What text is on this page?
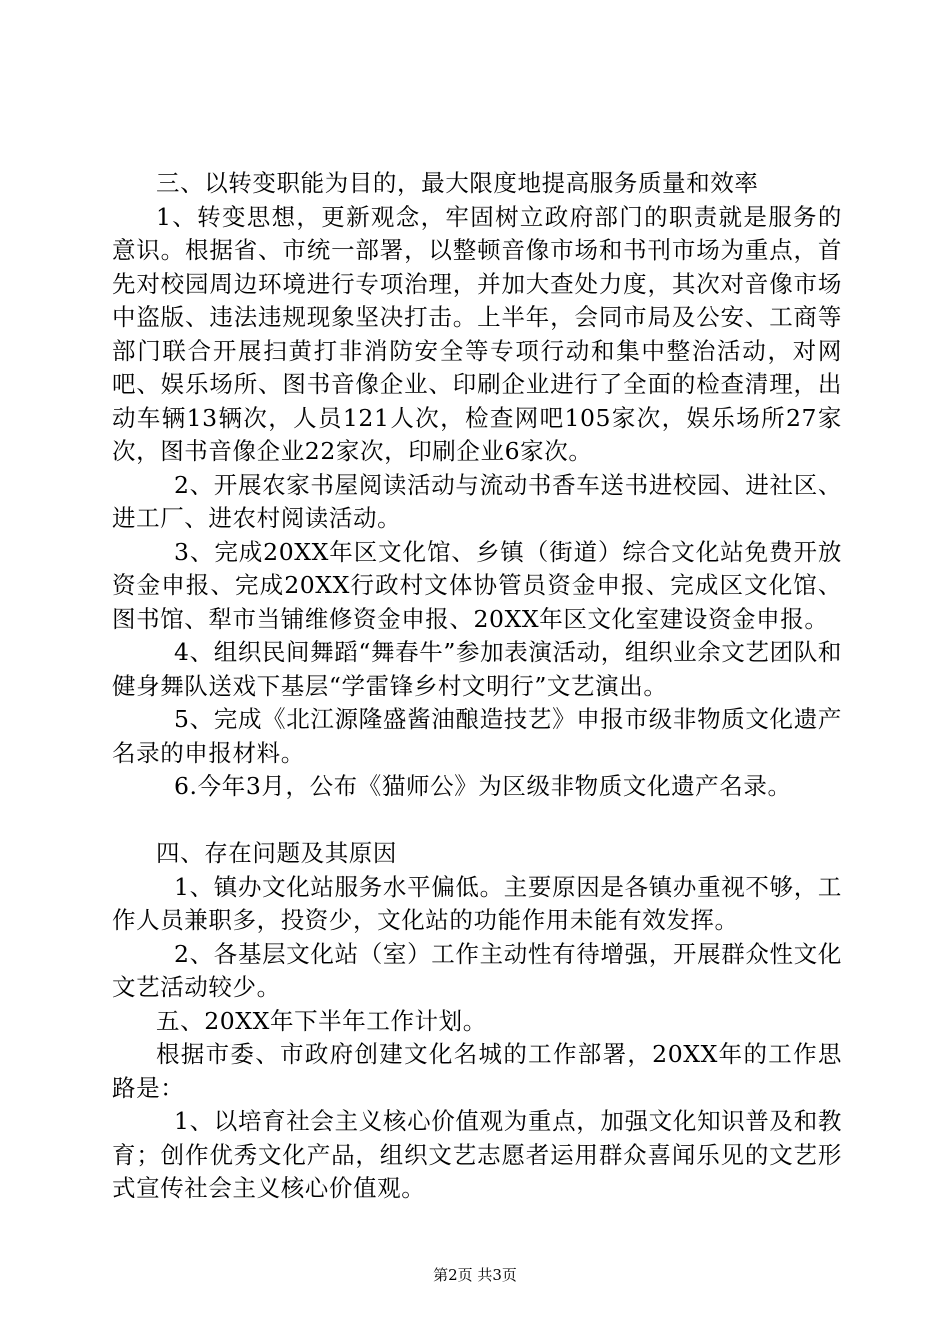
三、以转变职能为目的，最大限度地提高服务质量和效率

1、转变思想，更新观念，牢固树立政府部门的职责就是服务的意识。根据省、市统一部署，以整顿音像市场和书刊市场为重点，首先对校园周边环境进行专项治理，并加大查处力度，其次对音像市场中盗版、违法违规现象坚决打击。上半年，会同市局及公安、工商等部门联合开展扫黄打非消防安全等专项行动和集中整治活动，对网吧、娱乐场所、图书音像企业、印刷企业进行了全面的检查清理，出动车辆13辆次，人员121人次，检查网吧105家次，娱乐场所27家次，图书音像企业22家次，印刷企业6家次。

2、开展农家书屋阅读活动与流动书香车送书进校园、进社区、进工厂、进农村阅读活动。

3、完成20XX年区文化馆、乡镇（街道）综合文化站免费开放资金申报、完成20XX行政村文体协管员资金申报、完成区文化馆、图书馆、犁市当铺维修资金申报、20XX年区文化室建设资金申报。

4、组织民间舞蹈“舞春牛”参加表演活动，组织业余文艺团队和健身舞队送戏下基层“学雷锋乡村文明行”文艺演出。

5、完成《北江源隆盛酱油酿造技艺》申报市级非物质文化遗产名录的申报材料。

6.今年3月，公布《猫师公》为区级非物质文化遗产名录。

四、存在问题及其原因

1、镇办文化站服务水平偏低。主要原因是各镇办重视不够，工作人员兼职多，投资少，文化站的功能作用未能有效发挥。

2、各基层文化站（室）工作主动性有待增强，开展群众性文化文艺活动较少。

五、20XX年下半年工作计划。

根据市委、市政府创建文化名城的工作部署，20XX年的工作思路是：

1、以培育社会主义核心价值观为重点，加强文化知识普及和教育；创作优秀文化产品，组织文艺志愿者运用群众喜闻乐见的文艺形式宣传社会主义核心价值观。

第2页 共3页
